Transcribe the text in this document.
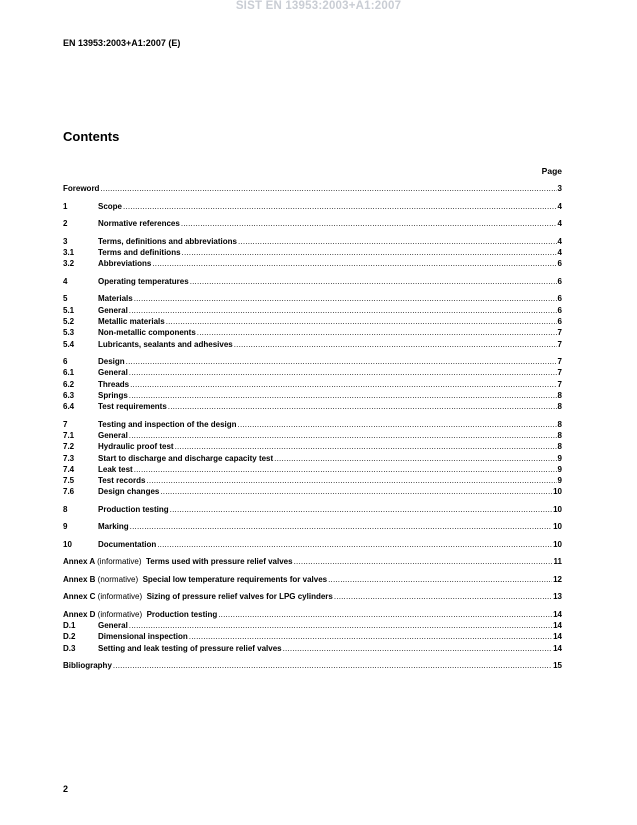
SIST EN 13953:2003+A1:2007
EN 13953:2003+A1:2007 (E)
Contents
Page
Foreword .....	3
1	Scope .....	4
2	Normative references .....	4
3	Terms, definitions and abbreviations .....	4
3.1	Terms and definitions .....	4
3.2	Abbreviations .....	6
4	Operating temperatures .....	6
5	Materials .....	6
5.1	General .....	6
5.2	Metallic materials .....	6
5.3	Non-metallic components .....	7
5.4	Lubricants, sealants and adhesives .....	7
6	Design .....	7
6.1	General .....	7
6.2	Threads .....	7
6.3	Springs .....	8
6.4	Test requirements .....	8
7	Testing and inspection of the design .....	8
7.1	General .....	8
7.2	Hydraulic proof test .....	8
7.3	Start to discharge and discharge capacity test .....	9
7.4	Leak test .....	9
7.5	Test records .....	9
7.6	Design changes .....	10
8	Production testing .....	10
9	Marking .....	10
10	Documentation .....	10
Annex A (informative)  Terms used with pressure relief valves .....	11
Annex B (normative)  Special low temperature requirements for valves .....	12
Annex C (informative)  Sizing of pressure relief valves for LPG cylinders .....	13
Annex D (informative)  Production testing .....	14
D.1	General .....	14
D.2	Dimensional inspection .....	14
D.3	Setting and leak testing of pressure relief valves .....	14
Bibliography .....	15
2
